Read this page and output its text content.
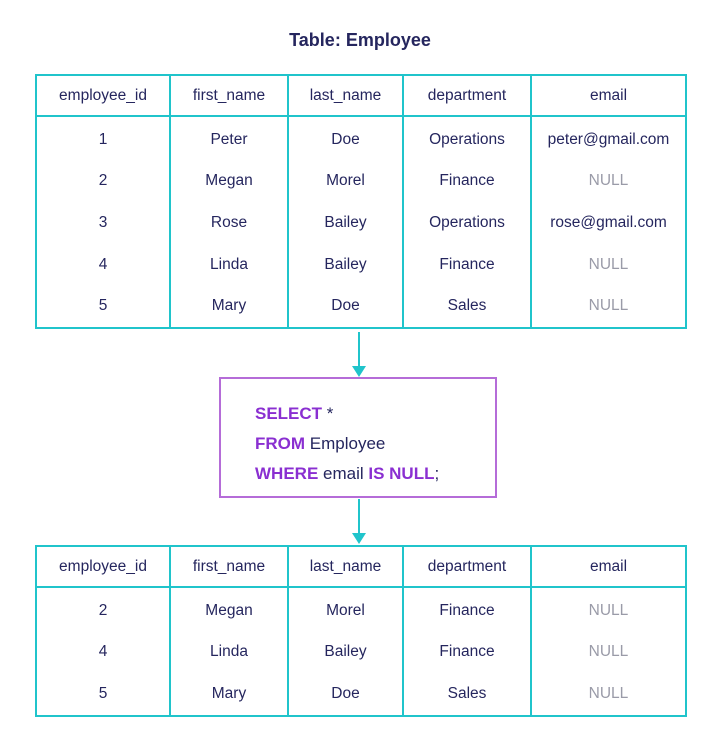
Table: Employee
employee_id	first_name	last_name	department	email
1	Peter	Doe	Operations	peter@gmail.com
2	Megan	Morel	Finance	NULL
3	Rose	Bailey	Operations	rose@gmail.com
4	Linda	Bailey	Finance	NULL
5	Mary	Doe	Sales	NULL
SELECT *
FROM Employee
WHERE email IS NULL;
employee_id	first_name	last_name	department	email
2	Megan	Morel	Finance	NULL
4	Linda	Bailey	Finance	NULL
5	Mary	Doe	Sales	NULL
